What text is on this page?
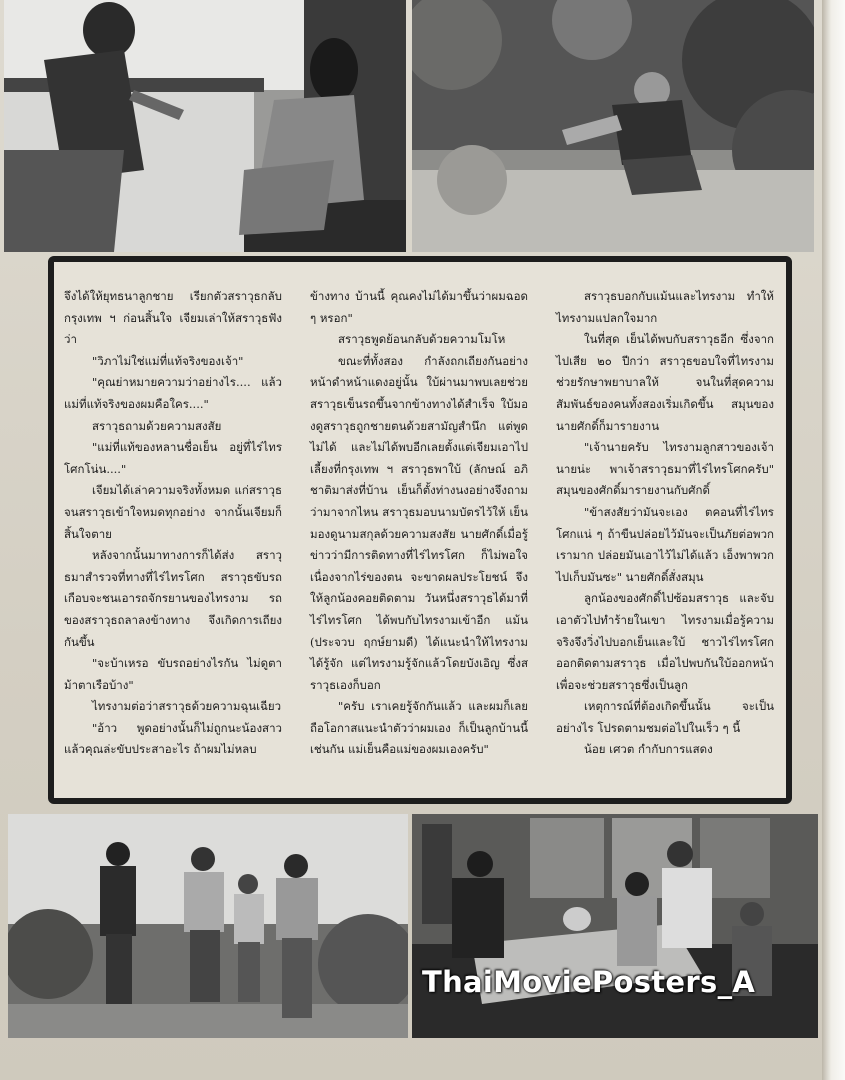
จึงได้ให้ยุทธนาลูกชาย เรียกตัวสราวุธกลับกรุงเทพ ฯ ก่อนสิ้นใจ เจียมเล่าให้สราวุธฟังว่า

"วิภาไม่ใช่แม่ที่แท้จริงของเจ้า"

"คุณย่าหมายความว่าอย่างไร.... แล้วแม่ที่แท้จริงของผมคือใคร...."

สราวุธถามด้วยความสงสัย

"แม่ที่แท้ของหลานชื่อเย็น อยู่ที่ไร่ไทรโศกโน่น...."

เจียมได้เล่าความจริงทั้งหมด แก่สราวุธ จนสราวุธเข้าใจหมดทุกอย่าง จากนั้นเจียมก็สิ้นใจตาย

หลังจากนั้นมาทางการก็ได้ส่ง สราวุธมาสำรวจที่ทางที่ไร่ไทรโศก สราวุธขับรถเกือบจะชนเอารถจักรยานของไทรงาม รถของสราวุธถลาลงข้างทาง จึงเกิดการเถียงกันขึ้น

"จะบ้าเหรอ ขับรถอย่างไรกัน ไม่ดูตาม้าตาเรือบ้าง"

ไทรงามต่อว่าสราวุธด้วยความฉุนเฉียว

"อ้าว พูดอย่างนั้นก็ไม่ถูกนะน้องสาว แล้วคุณล่ะขับประสาอะไร ถ้าผมไม่หลบ

ข้างทาง บ้านนี้ คุณคงไม่ได้มาขึ้นว่าผมฉอด ๆ หรอก"

สราวุธพูดย้อนกลับด้วยความโมโห

ขณะที่ทั้งสอง กำลังถกเถียงกันอย่างหน้าดำหน้าแดงอยู่นั้น ใบ้ผ่านมาพบเลยช่วยสราวุธเข็นรถขึ้นจากข้างทางได้สำเร็จ ใบ้มองดูสราวุธถูกชายตนด้วยสามัญสำนึก แต่พูดไม่ได้ และไม่ได้พบอีกเลยตั้งแต่เจียมเอาไปเลี้ยงที่กรุงเทพ ฯ สราวุธพาใบ้ (ลักษณ์ อภิชาติมาส่งที่บ้าน เย็นก็ตั้งท่างนงอย่างจึงถามว่ามาจากไหน สราวุธมอบนามบัตรไว้ให้ เย็นมองดูนามสกุลด้วยความสงสัย นายศักดิ์เมื่อรู้ข่าวว่ามีการติดทางที่ไร่ไทรโศก ก็ไม่พอใจ เนื่องจากไร่ของตน จะขาดผลประโยชน์ จึงให้ลูกน้องคอยติดตาม วันหนึ่งสราวุธได้มาที่ไร่ไทรโศก ได้พบกับไทรงามเข้าอีก แม้น (ประจวบ ฤกษ์ยามดี) ได้แนะนำให้ไทรงามได้รู้จัก แต่ไทรงามรู้จักแล้วโดยบังเอิญ ซึ่งสราวุธเองก็บอก

"ครับ เราเคยรู้จักกันแล้ว และผมก็เลยถือโอกาสแนะนำตัวว่าผมเอง ก็เป็นลูกบ้านนี้เช่นกัน แม่เย็นคือแม่ของผมเองครับ"

สราวุธบอกกับแม้นและไทรงาม ทำให้ไทรงามแปลกใจมาก

ในที่สุด เย็นได้พบกับสราวุธอีก ซึ่งจากไปเสีย ๒๐ ปีกว่า สราวุธขอบใจที่ไทรงามช่วยรักษาพยาบาลให้ จนในที่สุดความสัมพันธ์ของคนทั้งสองเริ่มเกิดขึ้น สมุนของนายศักดิ์ก็มารายงาน

"เจ้านายครับ ไทรงามลูกสาวของเจ้านายน่ะ พาเจ้าสราวุธมาที่ไร่ไทรโศกครับ" สมุนของศักดิ์มารายงานกับศักดิ์

"ข้าสงสัยว่ามันจะเอง ตคอนที่ไร่ไทรโศกแน่ ๆ ถ้าขืนปล่อยไว้มันจะเป็นภัยต่อพวกเรามาก ปล่อยมันเอาไว้ไม่ได้แล้ว เอ็งพาพวกไปเก็บมันซะ" นายศักดิ์สั่งสมุน

ลูกน้องของศักดิ์ไปซ้อมสราวุธ และจับเอาตัวไปทำร้ายในเขา ไทรงามเมื่อรู้ความจริงจึงวิ่งไปบอกเย็นและใบ้ ชาวไร่ไทรโศกออกติดตามสราวุธ เมื่อไปพบกันใบ้ออกหน้าเพื่อจะช่วยสราวุธซึ่งเป็นลูก

เหตุการณ์ที่ต้องเกิดขึ้นนั้น จะเป็นอย่างไร โปรดตามชมต่อไปในเร็ว ๆ นี้

น้อย เศวต กำกับการแสดง

ThaiMoviePosters_A
